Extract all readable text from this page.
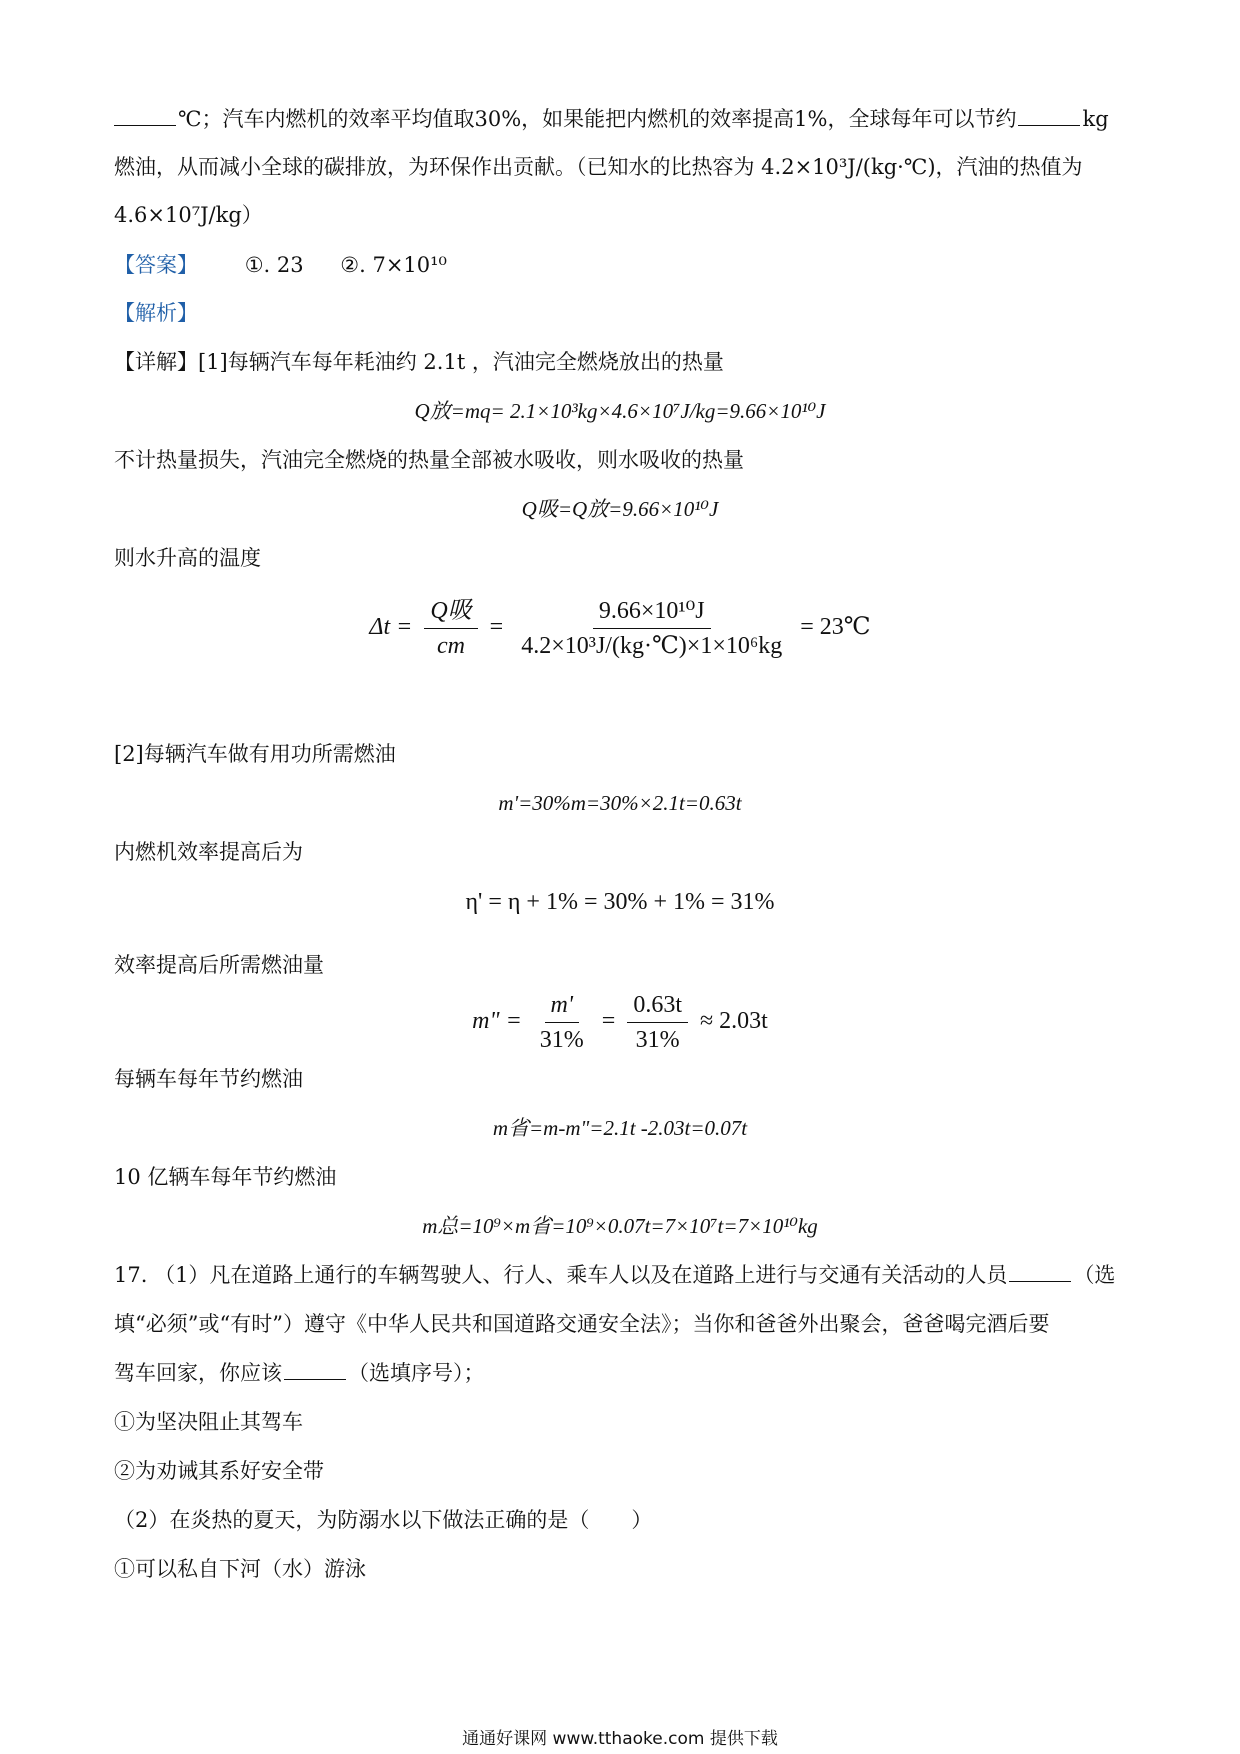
℃；汽车内燃机的效率平均值取30%，如果能把内燃机的效率提高1%，全球每年可以节约	kg
燃油，从而减小全球的碳排放，为环保作出贡献。（已知水的比热容为 4.2×10³J/(kg·℃)，汽油的热值为
4.6×10⁷J/kg）
【答案】 ①. 23 ②. 7×10¹⁰
【解析】
【详解】[1]每辆汽车每年耗油约 2.1t ，汽油完全燃烧放出的热量
Q放=mq= 2.1×10³kg×4.6×10⁷J/kg=9.66×10¹⁰J
不计热量损失，汽油完全燃烧的热量全部被水吸收，则水吸收的热量
Q吸=Q放=9.66×10¹⁰J
则水升高的温度
$\Delta t = \frac{\text{Q吸}}{cm} = \frac{\text{9.66×10¹⁰J}}{\text{4.2×10³J/(kg·℃)×1×10⁶kg}}$ = 23℃
[2]每辆汽车做有用功所需燃油
m'=30%m=30%×2.1t=0.63t
内燃机效率提高后为
η' = η + 1% = 30% + 1% = 31%
效率提高后所需燃油量
m" = $\frac{m'}{31\%} = \frac{0.63t}{31\%} \approx 2.03t$
每辆车每年节约燃油
m省=m-m"=2.1t -2.03t=0.07t
10 亿辆车每年节约燃油
m总=10⁹×m省=10⁹×0.07t=7×10⁷t=7×10¹⁰kg
17. （1）凡在道路上通行的车辆驾驶人、行人、乘车人以及在道路上进行与交通有关活动的人员	（选
填“必须”或“有时”）遵守《中华人民共和国道路交通安全法》；当你和爸爸外出聚会，爸爸喝完酒后要
驾车回家，你应该	（选填序号）；
①为坚决阻止其驾车
②为劝诫其系好安全带
（2）在炎热的夏天，为防溺水以下做法正确的是（　　）
①可以私自下河（水）游泳
通通好课网 www.tthaoke.com 提供下载
